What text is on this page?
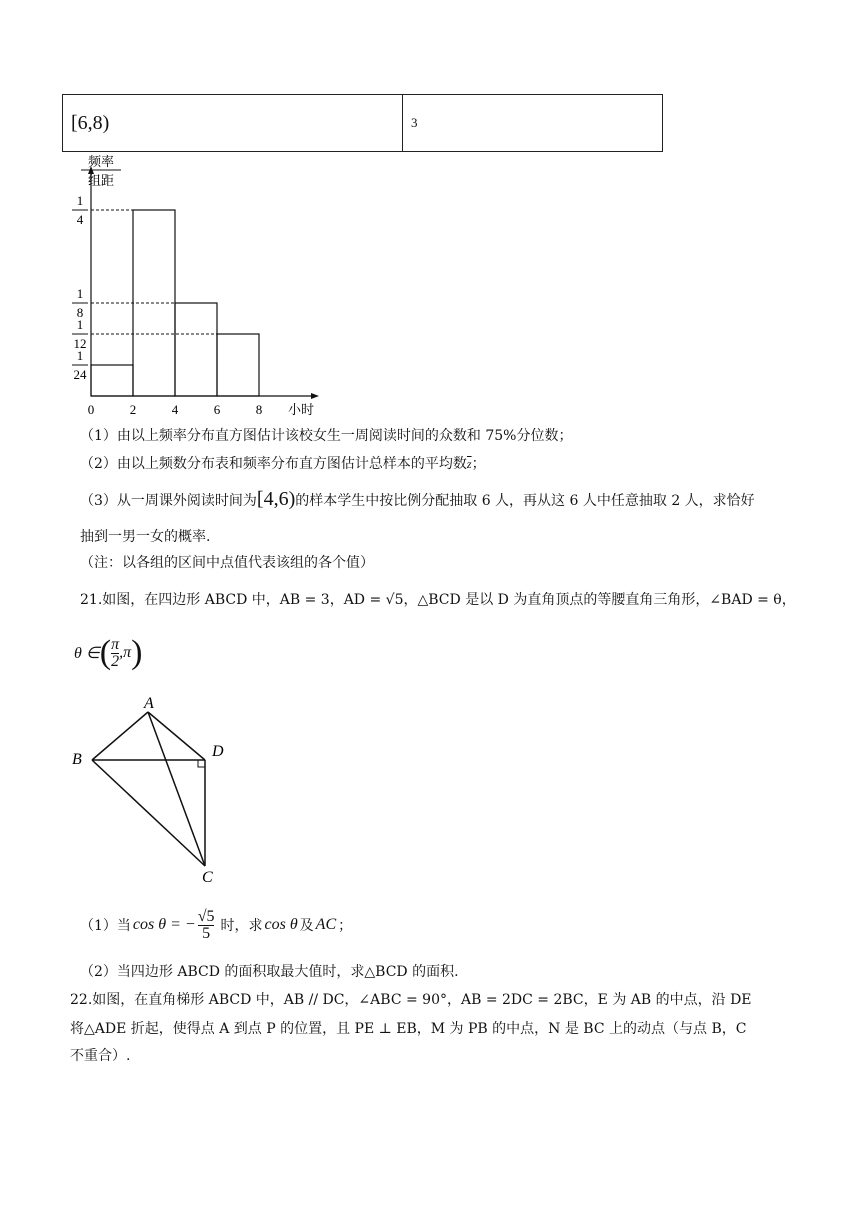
[6,8)	3
1
4
1
8
1
12
1
24
0	2	4	6	8 小时
频率
组距
（1）由以上频率分布直方图估计该校女生一周阅读时间的众数和 75%分位数；
（2）由以上频数分布表和频率分布直方图估计总样本的平均数$\overline{z}$；
（3）从一周课外阅读时间为[4,6)的样本学生中按比例分配抽取 6 人，再从这 6 人中任意抽取 2 人，求恰好
抽到一男一女的概率.
（注：以各组的区间中点值代表该组的各个值）
21.如图，在四边形 ABCD 中，AB = 3，AD = √5，△BCD 是以 D 为直角顶点的等腰直角三角形，∠BAD = θ，
θ ∈ ( $\frac{\pi}{2} ,\pi$ )
A
B	D
C
（1）当 cos θ = − $\frac{√5}{5}$ 时，求 cos θ 及 AC ；
（2）当四边形 ABCD 的面积取最大值时，求△BCD 的面积.
22.如图，在直角梯形 ABCD 中，AB // DC，∠ABC = 90°，AB = 2DC = 2BC，E 为 AB 的中点，沿 DE
将△ADE 折起，使得点 A 到点 P 的位置，且 PE ⊥ EB，M 为 PB 的中点，N 是 BC 上的动点（与点 B，C
不重合）.
